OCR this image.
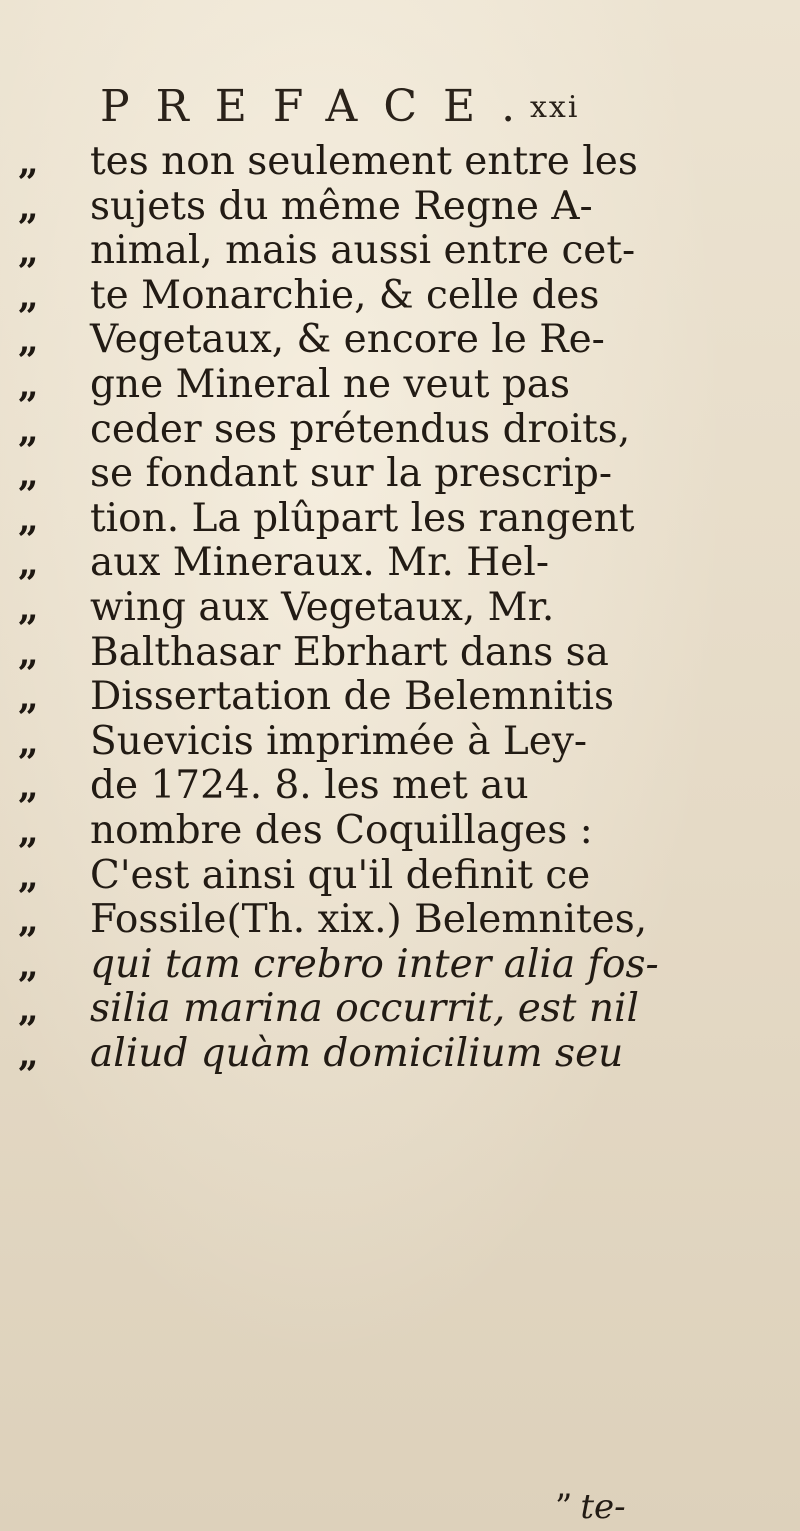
PREFACE.
xxi
„	tes non seulement entre les
„	sujets du même Regne A-
„	nimal, mais aussi entre cet-
„	te Monarchie, & celle des
„	Vegetaux, & encore le Re-
„	gne Mineral ne veut pas
„	ceder ses prétendus droits,
„	se fondant sur la prescrip-
„	tion. La plûpart les rangent
„	aux Mineraux. Mr. Hel-
„	wing aux Vegetaux, Mr.
„	Balthasar Ebrhart dans sa
„	Dissertation de Belemnitis
„	Suevicis imprimée à Ley-
„	de 1724. 8. les met au
„	nombre des Coquillages :
„	C'est ainsi qu'il definit ce
„	Fossile(Th. xix.) Belemnites,
„	qui tam crebro inter alia fos-
„	silia marina occurrit, est nil
„	aliud quàm domicilium seu
” te-
